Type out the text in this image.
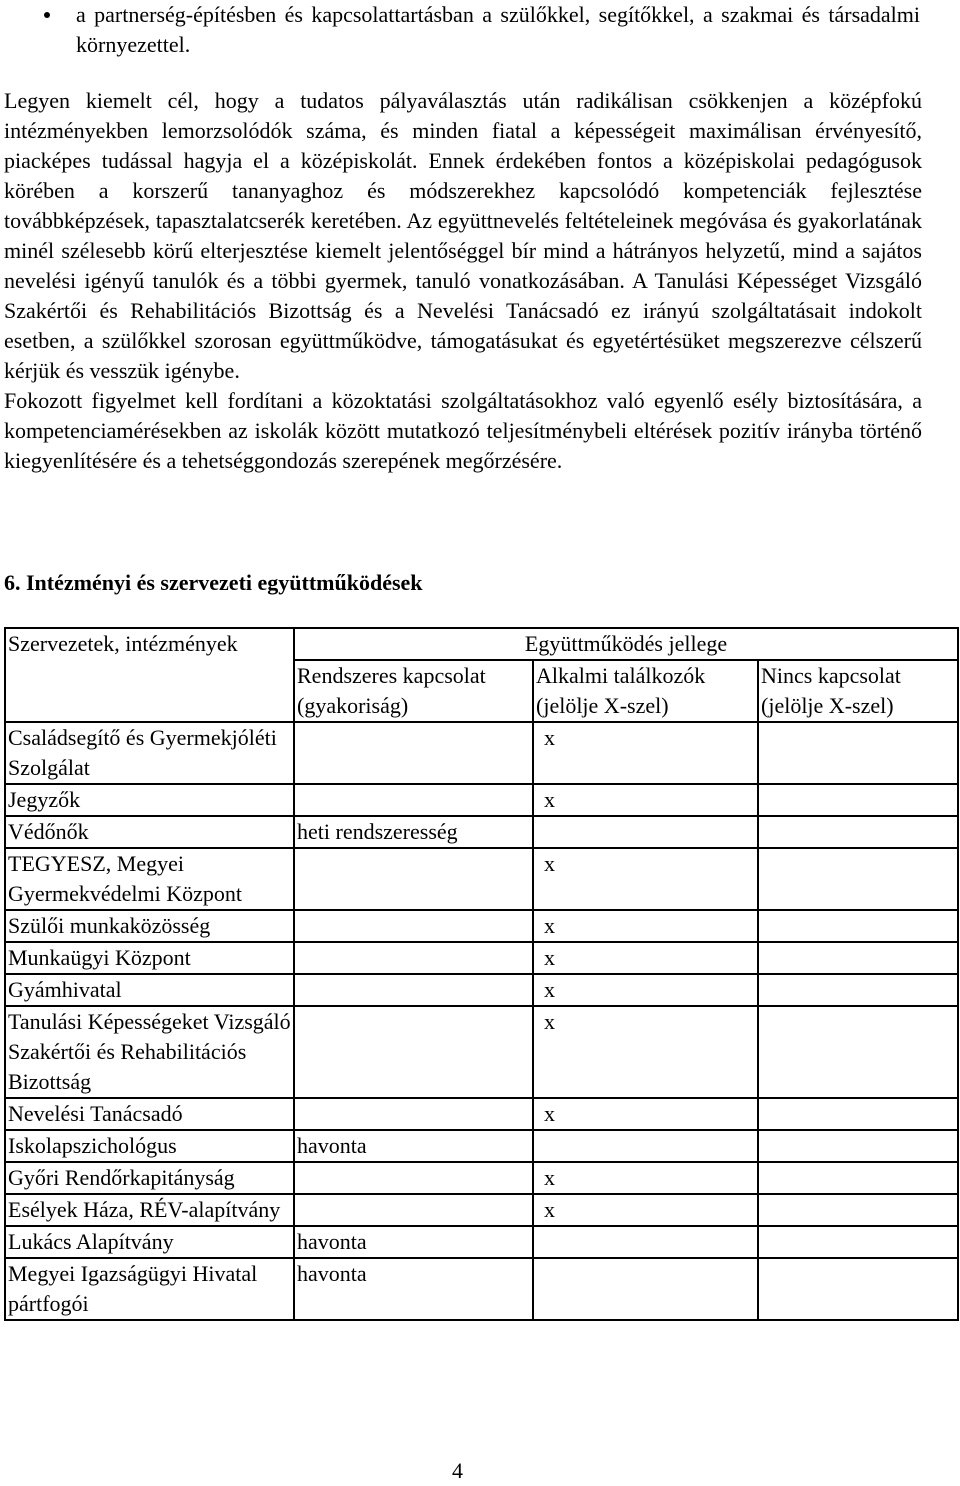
a partnerség-építésben és kapcsolattartásban a szülőkkel, segítőkkel, a szakmai és társadalmi környezettel.

Legyen kiemelt cél, hogy a tudatos pályaválasztás után radikálisan csökkenjen a középfokú intézményekben lemorzsolódók száma, és minden fiatal a képességeit maximálisan érvényesítő, piacképes tudással hagyja el a középiskolát. Ennek érdekében fontos a középiskolai pedagógusok körében a korszerű tananyaghoz és módszerekhez kapcsolódó kompetenciák fejlesztése továbbképzések, tapasztalatcserék keretében. Az együttnevelés feltételeinek megóvása és gyakorlatának minél szélesebb körű elterjesztése kiemelt jelentőséggel bír mind a hátrányos helyzetű, mind a sajátos nevelési igényű tanulók és a többi gyermek, tanuló vonatkozásában. A Tanulási Képességet Vizsgáló Szakértői és Rehabilitációs Bizottság és a Nevelési Tanácsadó ez irányú szolgáltatásait indokolt esetben, a szülőkkel szorosan együttműködve, támogatásukat és egyetértésüket megszerezve célszerű kérjük és vesszük igénybe.

Fokozott figyelmet kell fordítani a közoktatási szolgáltatásokhoz való egyenlő esély biztosítására, a kompetenciamérésekben az iskolák között mutatkozó teljesítménybeli eltérések pozitív irányba történő kiegyenlítésére és a tehetséggondozás szerepének megőrzésére.

6. Intézményi és szervezeti együttműködések
Szervezetek, intézmények	Együttműködés jellege		
	Rendszeres kapcsolat (gyakoriság)	Alkalmi találkozók (jelölje X-szel)	Nincs kapcsolat (jelölje X-szel)
Családsegítő és Gyermekjóléti Szolgálat		x	
Jegyzők		x	
Védőnők	heti rendszeresség		
TEGYESZ, Megyei Gyermekvédelmi Központ		x	
Szülői munkaközösség		x	
Munkaügyi Központ		x	
Gyámhivatal		x	
Tanulási Képességeket Vizsgáló Szakértői és Rehabilitációs Bizottság		x	
Nevelési Tanácsadó		x	
Iskolapszichológus	havonta		
Győri Rendőrkapitányság		x	
Esélyek Háza, RÉV-alapítvány		x	
Lukács Alapítvány	havonta		
Megyei Igazságügyi Hivatal pártfogói	havonta		
4
